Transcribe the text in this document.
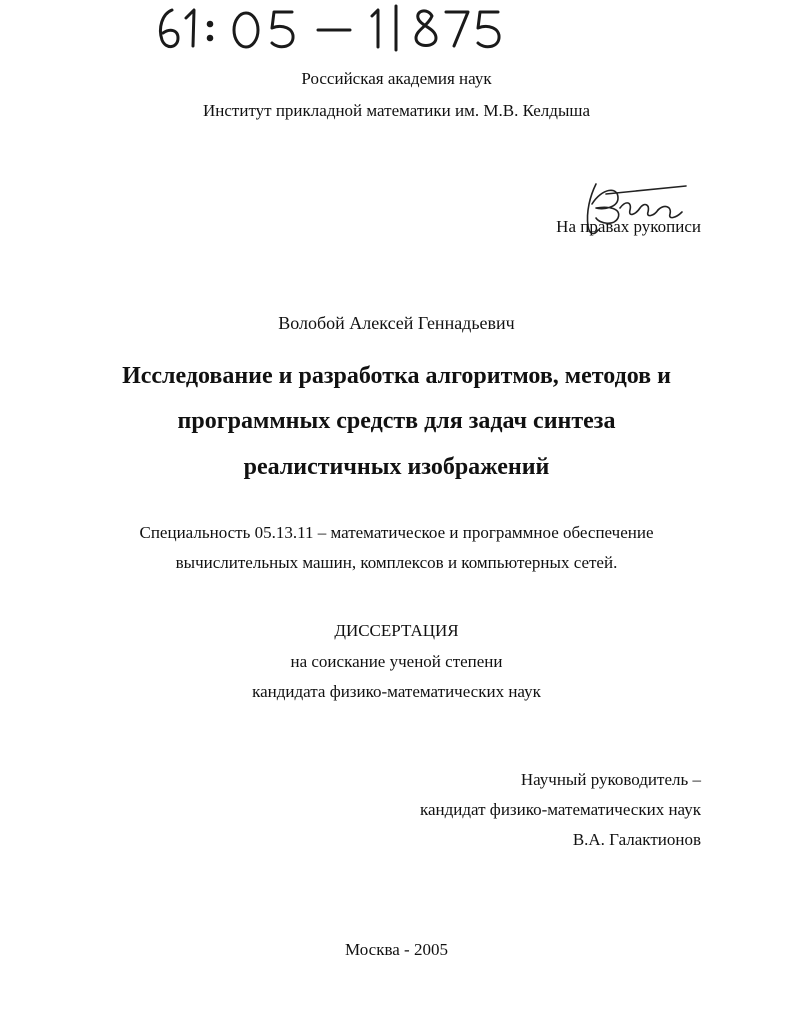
Российская академия наук
Институт прикладной математики им. М.В. Келдыша
На правах рукописи
Волобой Алексей Геннадьевич
Исследование и разработка алгоритмов, методов и
программных средств для задач синтеза
реалистичных изображений
Специальность 05.13.11 – математическое и программное обеспечение
вычислительных машин, комплексов и компьютерных сетей.
ДИССЕРТАЦИЯ
на соискание ученой степени
кандидата физико-математических наук
Научный руководитель –
кандидат физико-математических наук
В.А. Галактионов
Москва - 2005
